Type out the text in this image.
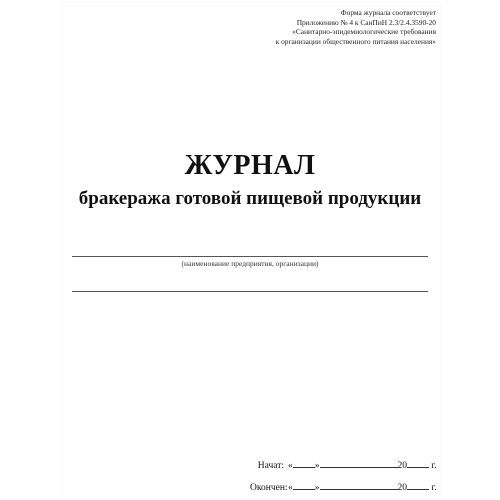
Форма журнала соответствует
Приложению № 4 к СанПиН 2.3/2.4.3590-20
«Санитарно-эпидемиологические требования
к организации общественного питания населения»
ЖУРНАЛ
бракеража готовой пищевой продукции
(наименование предприятия, организации)
Начат: « »	20	г.
Окончен:« »	20	г.
